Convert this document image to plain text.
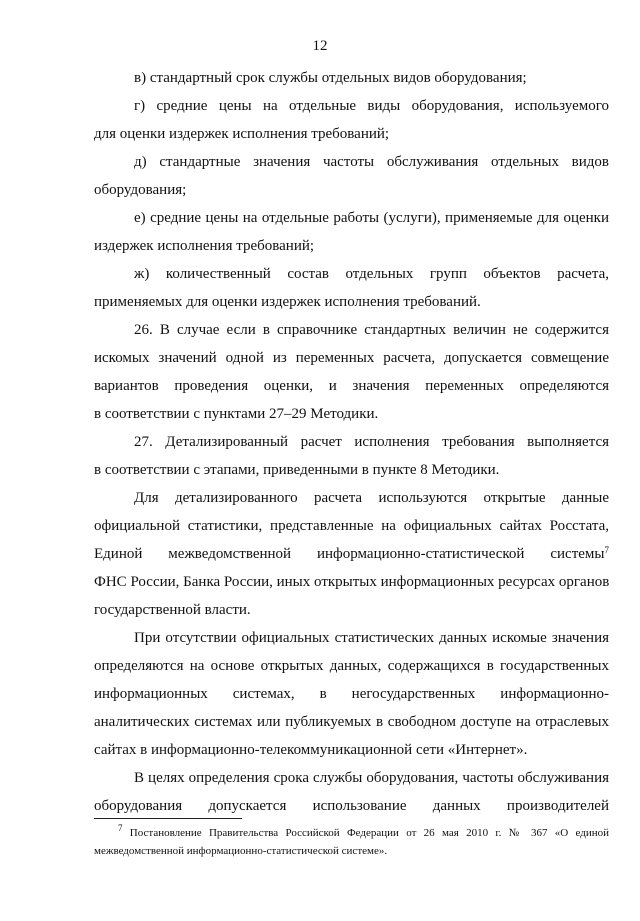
12
в) стандартный срок службы отдельных видов оборудования;
г) средние цены на отдельные виды оборудования, используемого
для оценки издержек исполнения требований;
д) стандартные значения частоты обслуживания отдельных видов
оборудования;
е) средние цены на отдельные работы (услуги), применяемые для оценки
издержек исполнения требований;
ж) количественный состав отдельных групп объектов расчета,
применяемых для оценки издержек исполнения требований.
26. В случае если в справочнике стандартных величин не содержится
искомых значений одной из переменных расчета, допускается совмещение
вариантов проведения оценки, и значения переменных определяются
в соответствии с пунктами 27–29 Методики.
27. Детализированный расчет исполнения требования выполняется
в соответствии с этапами, приведенными в пункте 8 Методики.
Для детализированного расчета используются открытые данные
официальной статистики, представленные на официальных сайтах Росстата,
Единой межведомственной информационно-статистической системы$^7$
ФНС России, Банка России, иных открытых информационных ресурсах органов
государственной власти.
При отсутствии официальных статистических данных искомые значения
определяются на основе открытых данных, содержащихся в государственных
информационных системах, в негосударственных информационно-
аналитических системах или публикуемых в свободном доступе на отраслевых
сайтах в информационно-телекоммуникационной сети «Интернет».
В целях определения срока службы оборудования, частоты обслуживания
оборудования допускается использование данных производителей
$^7$ Постановление Правительства Российской Федерации от 26 мая 2010 г. № 367 «О единой
межведомственной информационно-статистической системе».
